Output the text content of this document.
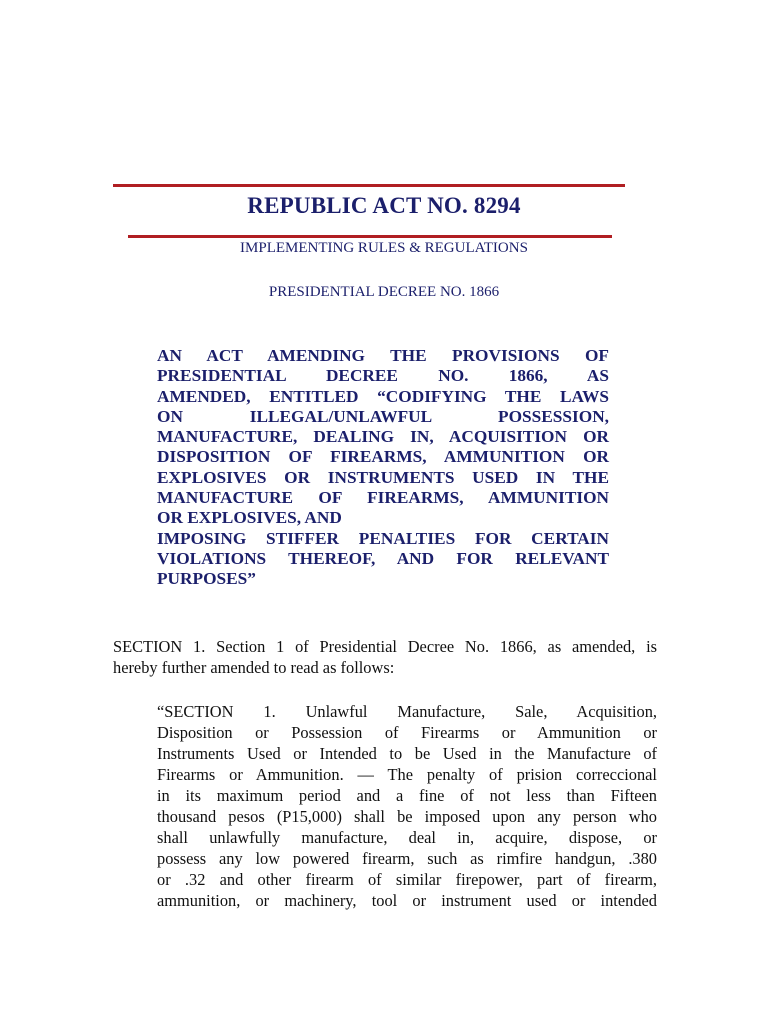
REPUBLIC ACT NO. 8294
IMPLEMENTING RULES & REGULATIONS
PRESIDENTIAL DECREE NO. 1866

AN ACT AMENDING THE PROVISIONS OF
PRESIDENTIAL DECREE NO. 1866, AS
AMENDED, ENTITLED “CODIFYING THE LAWS
ON ILLEGAL/UNLAWFUL POSSESSION,
MANUFACTURE, DEALING IN, ACQUISITION OR
DISPOSITION OF FIREARMS, AMMUNITION OR
EXPLOSIVES OR INSTRUMENTS USED IN THE
MANUFACTURE OF FIREARMS, AMMUNITION
OR EXPLOSIVES, AND
IMPOSING STIFFER PENALTIES FOR CERTAIN
VIOLATIONS THEREOF, AND FOR RELEVANT
PURPOSES”

SECTION 1. Section 1 of Presidential Decree No. 1866, as amended, is
hereby further amended to read as follows:

“SECTION 1. Unlawful Manufacture, Sale, Acquisition,
Disposition or Possession of Firearms or Ammunition or
Instruments Used or Intended to be Used in the Manufacture of
Firearms or Ammunition. — The penalty of prision correccional
in its maximum period and a fine of not less than Fifteen
thousand pesos (P15,000) shall be imposed upon any person who
shall unlawfully manufacture, deal in, acquire, dispose, or
possess any low powered firearm, such as rimfire handgun, .380
or .32 and other firearm of similar firepower, part of firearm,
ammunition, or machinery, tool or instrument used or intended
